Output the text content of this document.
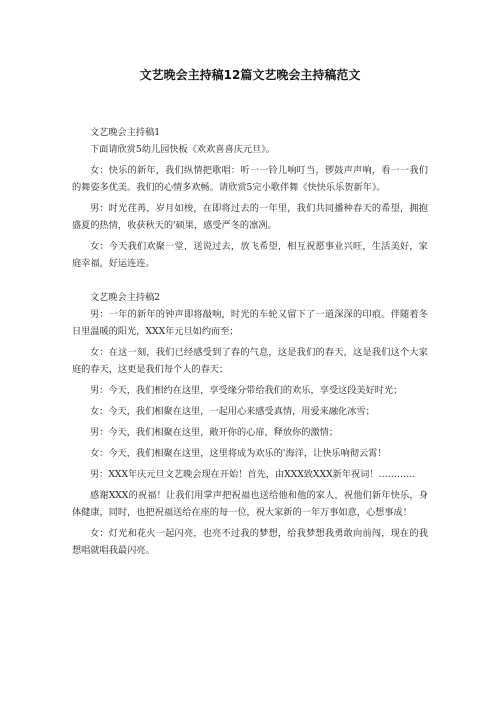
文艺晚会主持稿12篇文艺晚会主持稿范文

文艺晚会主持稿1

下面请欣赏5幼儿园快板《欢欢喜喜庆元旦》。

女：快乐的新年，我们纵情把歌唱：听一一铃儿响叮当，锣鼓声声响，看一一我们的舞姿多优美。我们的心情多欢畅。请欣赏5完小歌伴舞《快快乐乐贺新年》。

男：时光荏苒，岁月如梭，在即将过去的一年里，我们共同播种春天的希望，拥抱盛夏的热情，收获秋天的'硕果，感受严冬的凛冽。

女：今天我们欢聚一堂，送说过去，放飞希望，相互祝愿事业兴旺，生活美好，家庭幸福，好运连连。

文艺晚会主持稿2

男：一年的新年的钟声即将敲响，时光的车轮又留下了一道深深的印痕。伴随着冬日里温暖的阳光，XXX年元旦如约而至；

女：在这一刻，我们已经感受到了春的气息，这是我们的春天，这是我们这个大家庭的春天，这更是我们每个人的春天；

男：今天，我们相约在这里，享受缘分带给我们的欢乐，享受这段美好时光；

女：今天，我们相聚在这里，一起用心来感受真情，用爱来融化冰雪；

男：今天，我们相聚在这里，敞开你的心扉，释放你的激情；

女：今天，我们相聚在这里，这里将成为欢乐的'海洋，让快乐响彻云霄！

男：XXX年庆元旦文艺晚会现在开始！首先，由XXX致XXX新年祝词！…………

感谢XXX的祝福！让我们用掌声把祝福也送给他和他的家人，祝他们新年快乐，身体健康，同时，也把祝福送给在座的每一位，祝大家新的一年万事如意，心想事成！

女：灯光和花火一起闪亮，也亮不过我的梦想，给我梦想我勇敢向前闯，现在的我想唱就唱我最闪亮。
